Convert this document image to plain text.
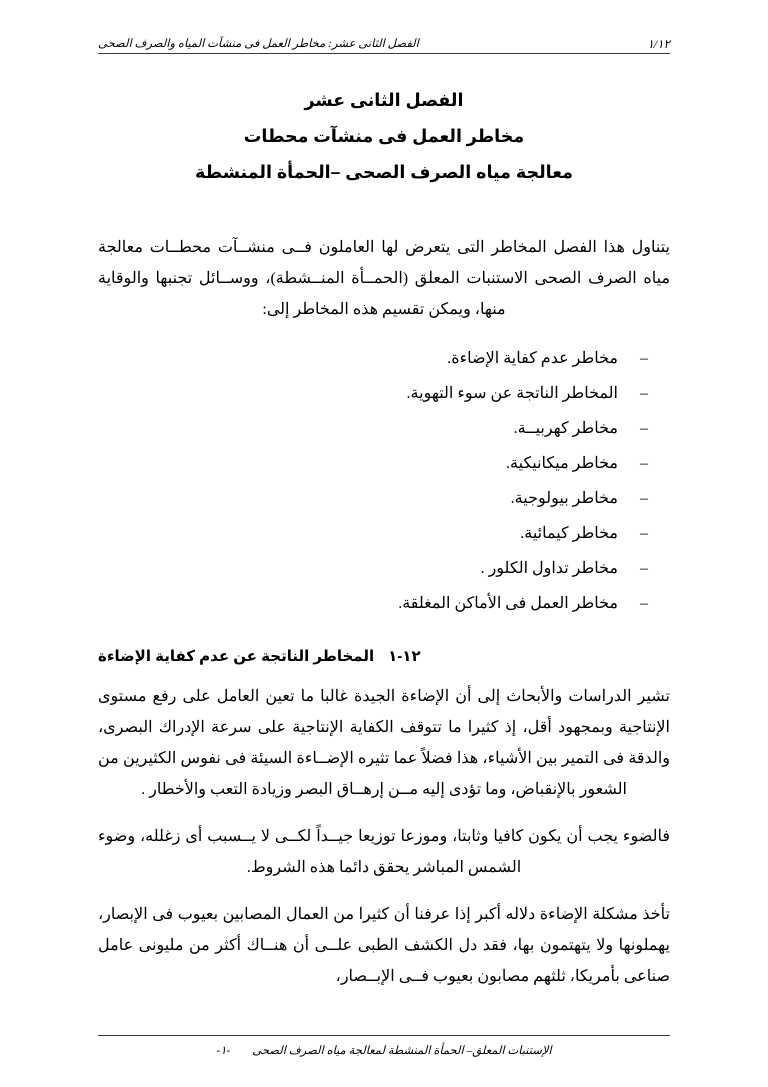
الفصل الثانى عشر: مخاطر العمل فى منشآت المياه والصرف الصحى	١/١٢
الفصل الثانى عشر
مخاطر العمل فى منشآت محطات
معالجة مياه الصرف الصحى –الحمأة المنشطة

يتناول هذا الفصل المخاطر التى يتعرض لها العاملون فــى منشــآت محطــات معالجة مياه الصرف الصحى الاستنبات المعلق (الحمــأة المنــشطة)، ووســائل تجنبها والوقاية منها، ويمكن تقسيم هذه المخاطر إلى:

–
مخاطر عدم كفاية الإضاءة.
–
المخاطر الناتجة عن سوء التهوية.
–
مخاطر كهربيــة.
–
مخاطر ميكانيكية.
–
مخاطر بيولوجية.
–
مخاطر كيمائية.
–
مخاطر تداول الكلور .
–
مخاطر العمل فى الأماكن المغلقة.
١٢-١
المخاطر الناتجة عن عدم كفاية الإضاءة

تشير الدراسات والأبحاث إلى أن الإضاءة الجيدة غالبا ما تعين العامل على رفع مستوى الإنتاجية وبمجهود أقل، إذ كثيرا ما تتوقف الكفاية الإنتاجية على سرعة الإدراك البصرى، والدقة فى التمير بين الأشياء، هذا فضلاً عما تثيره الإضــاءة السيئة فى نفوس الكثيرين من الشعور بالإنقباض، وما تؤدى إليه مــن إرهــاق البصر وزيادة التعب والأخطار .

فالضوء يجب أن يكون كافيا وثابتا، وموزعا توزيعا جيــداً لكــى لا يــسبب أى زغلله، وضوء الشمس المباشر يحقق دائما هذه الشروط.

تأخذ مشكلة الإضاءة دلاله أكبر إذا عرفنا أن كثيرا من العمال المصابين بعيوب فى الإبصار، يهملونها ولا يتهتمون بها، فقد دل الكشف الطبى علــى أن هنــاك أكثر من مليونى عامل صناعى بأمريكا، ثلثهم مصابون بعيوب فــى الإبــصار،

الإستنبات المعلق– الحمأة المنشطة لمعالجة مياه الصرف الصحى
-١-
